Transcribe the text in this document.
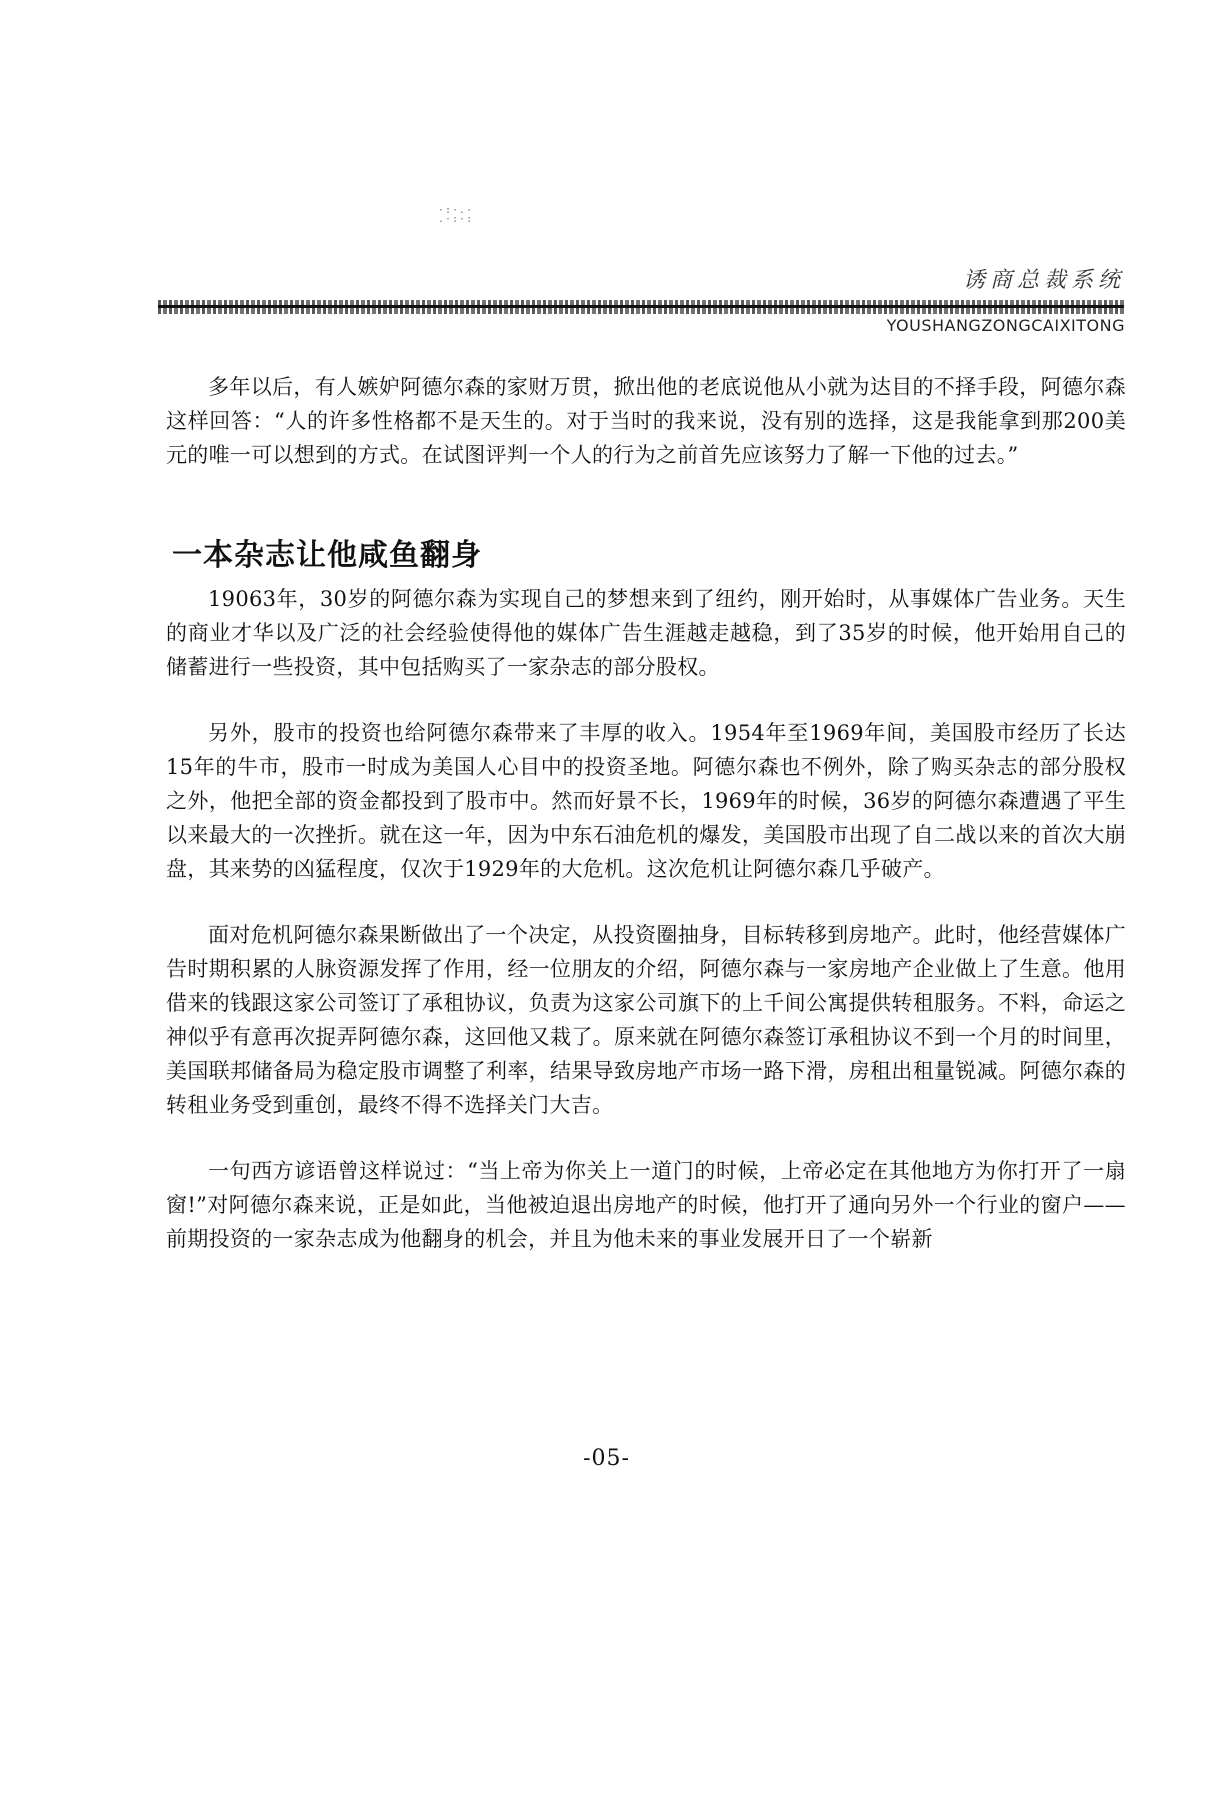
·:·.·
.·:·:
诱商总裁系统
YOUSHANGZONGCAIXITONG

多年以后，有人嫉妒阿德尔森的家财万贯，掀出他的老底说他从小就为达目的不择手段，阿德尔森这样回答：“人的许多性格都不是天生的。对于当时的我来说，没有别的选择，这是我能拿到那200美元的唯一可以想到的方式。在试图评判一个人的行为之前首先应该努力了解一下他的过去。”

一本杂志让他咸鱼翻身

19063年，30岁的阿德尔森为实现自己的梦想来到了纽约，刚开始时，从事媒体广告业务。天生的商业才华以及广泛的社会经验使得他的媒体广告生涯越走越稳，到了35岁的时候，他开始用自己的储蓄进行一些投资，其中包括购买了一家杂志的部分股权。

另外，股市的投资也给阿德尔森带来了丰厚的收入。1954年至1969年间，美国股市经历了长达15年的牛市，股市一时成为美国人心目中的投资圣地。阿德尔森也不例外，除了购买杂志的部分股权之外，他把全部的资金都投到了股市中。然而好景不长，1969年的时候，36岁的阿德尔森遭遇了平生以来最大的一次挫折。就在这一年，因为中东石油危机的爆发，美国股市出现了自二战以来的首次大崩盘，其来势的凶猛程度，仅次于1929年的大危机。这次危机让阿德尔森几乎破产。

面对危机阿德尔森果断做出了一个决定，从投资圈抽身，目标转移到房地产。此时，他经营媒体广告时期积累的人脉资源发挥了作用，经一位朋友的介绍，阿德尔森与一家房地产企业做上了生意。他用借来的钱跟这家公司签订了承租协议，负责为这家公司旗下的上千间公寓提供转租服务。不料，命运之神似乎有意再次捉弄阿德尔森，这回他又栽了。原来就在阿德尔森签订承租协议不到一个月的时间里，美国联邦储备局为稳定股市调整了利率，结果导致房地产市场一路下滑，房租出租量锐减。阿德尔森的转租业务受到重创，最终不得不选择关门大吉。

一句西方谚语曾这样说过：“当上帝为你关上一道门的时候，上帝必定在其他地方为你打开了一扇窗!”对阿德尔森来说，正是如此，当他被迫退出房地产的时候，他打开了通向另外一个行业的窗户——前期投资的一家杂志成为他翻身的机会，并且为他未来的事业发展开日了一个崭新

-05-
